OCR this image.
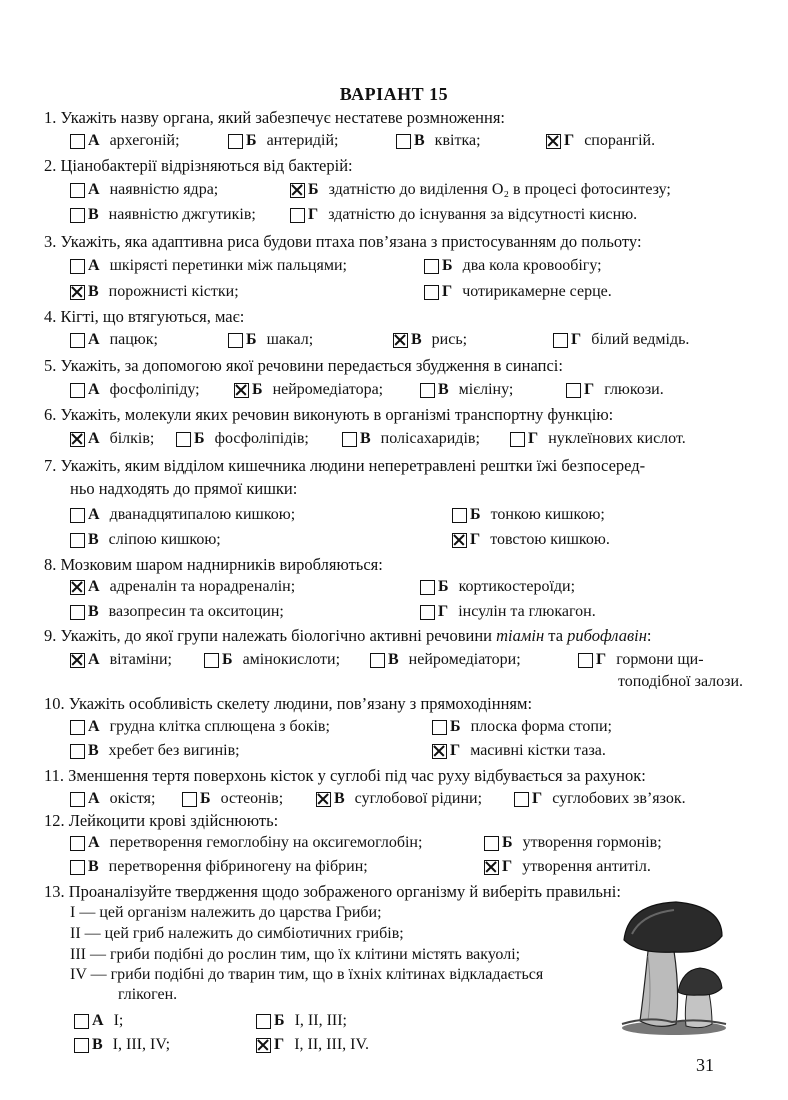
ВАРІАНТ 15
1. Укажіть назву органа, який забезпечує нестатеве розмноження:
А архегоній;	Б антеридій;	В квітка;	Г спорангій.
2. Ціанобактерії відрізняються від бактерій:
А наявністю ядра;	Б здатністю до виділення O₂ в процесі фотосинтезу;
В наявністю джгутиків;	Г здатністю до існування за відсутності кисню.
3. Укажіть, яка адаптивна риса будови птаха пов’язана з пристосуванням до польоту:
А шкірясті перетинки між пальцями;	Б два кола кровообігу;
В порожнисті кістки;	Г чотирикамерне серце.
4. Кігті, що втягуються, має:
А пацюк;	Б шакал;	В рись;	Г білий ведмідь.
5. Укажіть, за допомогою якої речовини передається збудження в синапсі:
А фосфоліпіду;	Б нейромедіатора;	В мієліну;	Г глюкози.
6. Укажіть, молекули яких речовин виконують в організмі транспортну функцію:
А білків; Б фосфоліпідів;	В полісахаридів;	Г нуклеїнових кислот.
7. Укажіть, яким відділом кишечника людини неперетравлені рештки їжі безпосеред-
ньо надходять до прямої кишки:
А дванадцятипалою кишкою;	Б тонкою кишкою;
В сліпою кишкою;	Г товстою кишкою.
8. Мозковим шаром наднирників виробляються:
А адреналін та норадреналін;	Б кортикостероїди;
В вазопресин та окситоцин;	Г інсулін та глюкагон.
9. Укажіть, до якої групи належать біологічно активні речовини тіамін та рибофлавін:
А вітаміни;	Б амінокислоти;	В нейромедіатори;	Г гормони щи-
топодібної залози.
10. Укажіть особливість скелету людини, пов’язану з прямоходінням:
А грудна клітка сплющена з боків;	Б плоска форма стопи;
В хребет без вигинів;	Г масивні кістки таза.
11. Зменшення тертя поверхонь кісток у суглобі під час руху відбувається за рахунок:
А окістя;	Б остеонів;	В суглобової рідини;	Г суглобових зв’язок.
12. Лейкоцити крові здійснюють:
А перетворення гемоглобіну на оксигемоглобін;	Б утворення гормонів;
В перетворення фібриногену на фібрин;	Г утворення антитіл.
13. Проаналізуйте твердження щодо зображеного організму й виберіть правильні:
I — цей організм належить до царства Гриби;
II — цей гриб належить до симбіотичних грибів;
III — гриби подібні до рослин тим, що їх клітини містять вакуолі;
IV — гриби подібні до тварин тим, що в їхніх клітинах відкладається
глікоген.
А I;	Б I, II, III;
В I, III, IV;	Г I, II, III, IV.
31
